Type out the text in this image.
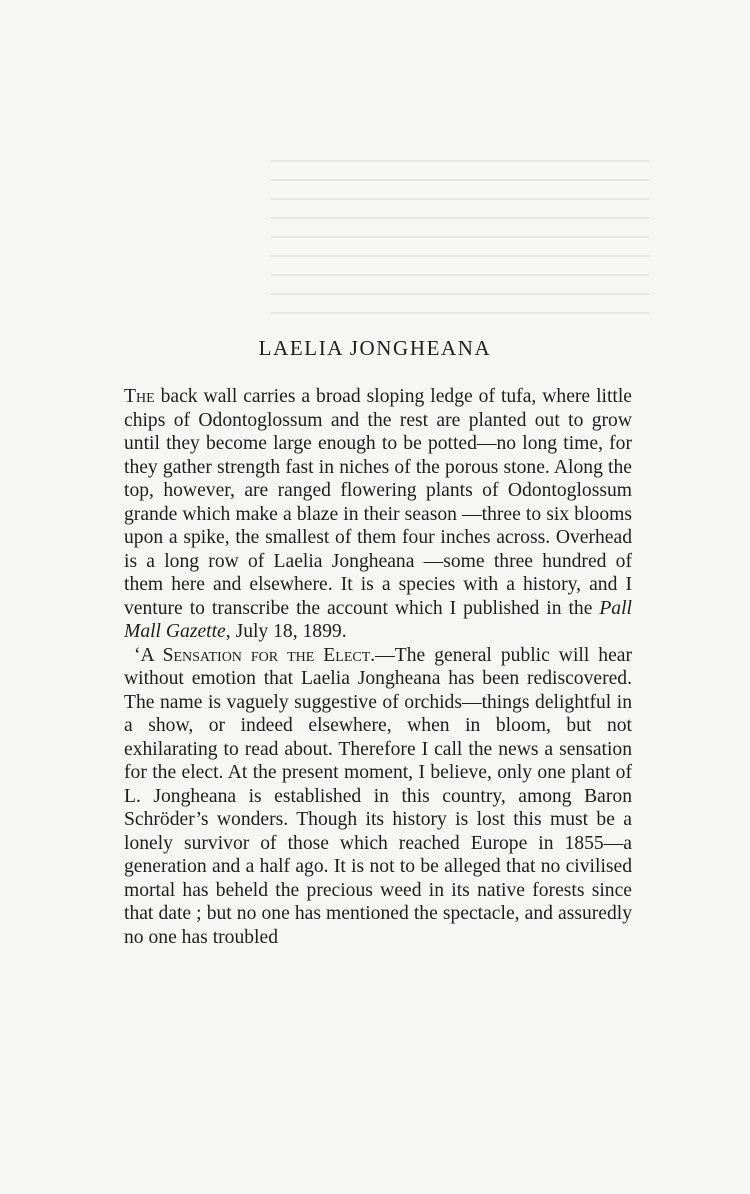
LAELIA JONGHEANA

The back wall carries a broad sloping ledge of tufa, where little chips of Odontoglossum and the rest are planted out to grow until they become large enough to be potted—no long time, for they gather strength fast in niches of the porous stone. Along the top, however, are ranged flowering plants of Odontoglossum grande which make a blaze in their season —three to six blooms upon a spike, the smallest of them four inches across. Overhead is a long row of Laelia Jongheana —some three hundred of them here and elsewhere. It is a species with a history, and I venture to transcribe the account which I published in the Pall Mall Gazette, July 18, 1899.

‘A Sensation for the Elect.—The general public will hear without emotion that Laelia Jongheana has been rediscovered. The name is vaguely suggestive of orchids—things delightful in a show, or indeed elsewhere, when in bloom, but not exhilarating to read about. Therefore I call the news a sensation for the elect. At the present moment, I believe, only one plant of L. Jongheana is established in this country, among Baron Schröder’s wonders. Though its history is lost this must be a lonely survivor of those which reached Europe in 1855—a generation and a half ago. It is not to be alleged that no civilised mortal has beheld the precious weed in its native forests since that date ; but no one has mentioned the spectacle, and assuredly no one has troubled
